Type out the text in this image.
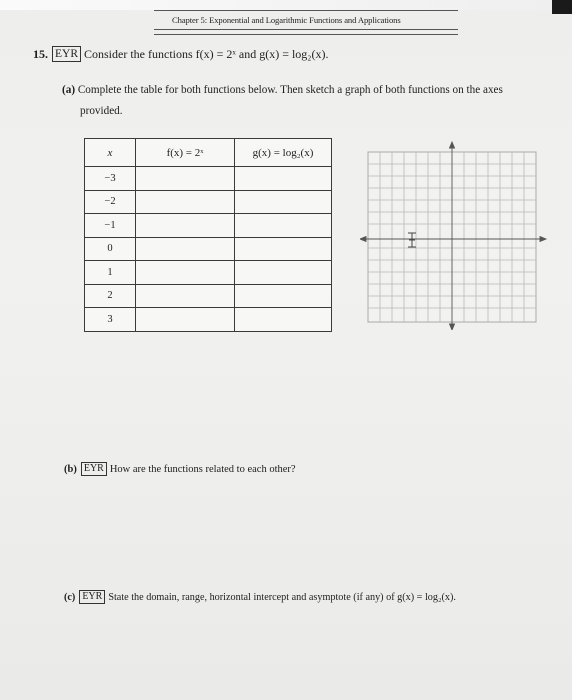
Chapter 5: Exponential and Logarithmic Functions and Applications
15. EYR Consider the functions f(x) = 2ˣ and g(x) = log₂(x).
(a) Complete the table for both functions below. Then sketch a graph of both functions on the axes
provided.
x	f(x) = 2ˣ	g(x) = log₂(x)
−3		
−2		
−1		
0		
1		
2		
3		
(b) EYR How are the functions related to each other?
(c) EYR State the domain, range, horizontal intercept and asymptote (if any) of g(x) = log₂(x).
